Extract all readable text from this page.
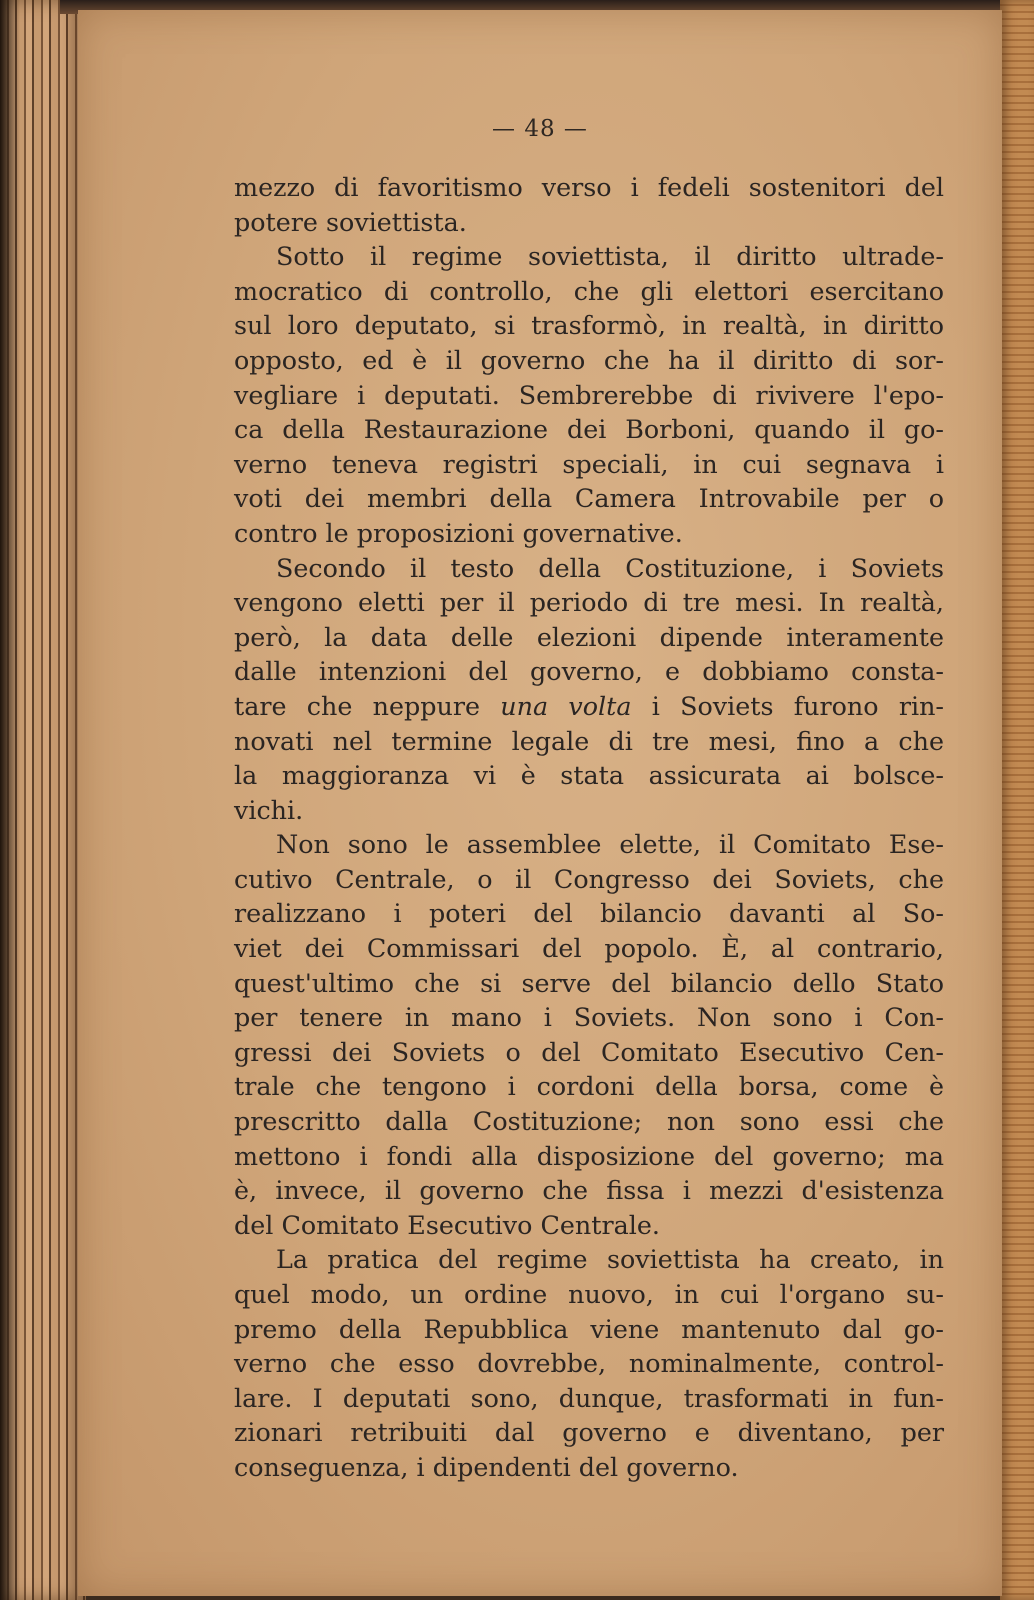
— 48 —
mezzo di favoritismo verso i fedeli sostenitori del
potere soviettista.
Sotto il regime soviettista, il diritto ultrade-
mocratico di controllo, che gli elettori esercitano
sul loro deputato, si trasformò, in realtà, in diritto
opposto, ed è il governo che ha il diritto di sor-
vegliare i deputati. Sembrerebbe di rivivere l'epo-
ca della Restaurazione dei Borboni, quando il go-
verno teneva registri speciali, in cui segnava i
voti dei membri della Camera Introvabile per o
contro le proposizioni governative.
Secondo il testo della Costituzione, i Soviets
vengono eletti per il periodo di tre mesi. In realtà,
però, la data delle elezioni dipende interamente
dalle intenzioni del governo, e dobbiamo consta-
tare che neppure una volta i Soviets furono rin-
novati nel termine legale di tre mesi, fino a che
la maggioranza vi è stata assicurata ai bolsce-
vichi.
Non sono le assemblee elette, il Comitato Ese-
cutivo Centrale, o il Congresso dei Soviets, che
realizzano i poteri del bilancio davanti al So-
viet dei Commissari del popolo. È, al contrario,
quest'ultimo che si serve del bilancio dello Stato
per tenere in mano i Soviets. Non sono i Con-
gressi dei Soviets o del Comitato Esecutivo Cen-
trale che tengono i cordoni della borsa, come è
prescritto dalla Costituzione; non sono essi che
mettono i fondi alla disposizione del governo; ma
è, invece, il governo che fissa i mezzi d'esistenza
del Comitato Esecutivo Centrale.
La pratica del regime soviettista ha creato, in
quel modo, un ordine nuovo, in cui l'organo su-
premo della Repubblica viene mantenuto dal go-
verno che esso dovrebbe, nominalmente, control-
lare. I deputati sono, dunque, trasformati in fun-
zionari retribuiti dal governo e diventano, per
conseguenza, i dipendenti del governo.
